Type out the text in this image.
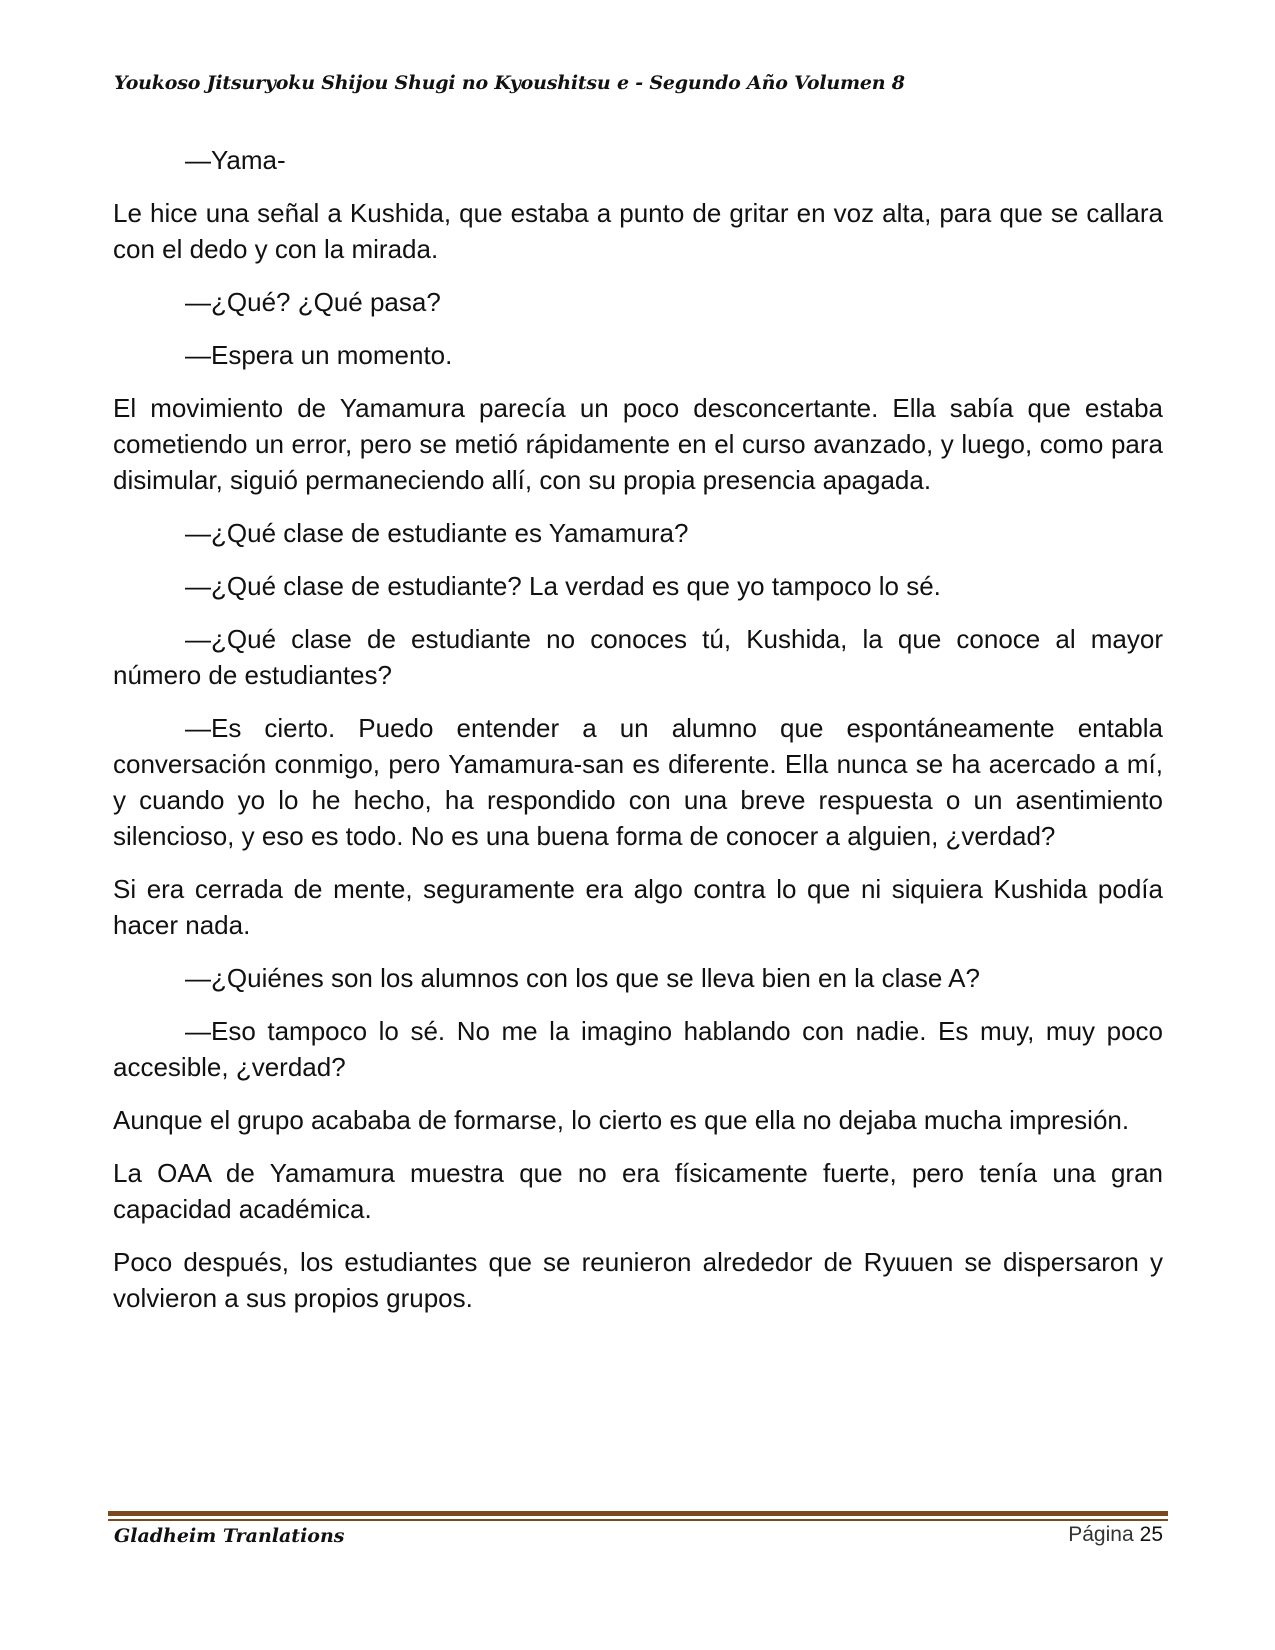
Youkoso Jitsuryoku Shijou Shugi no Kyoushitsu e - Segundo Año Volumen 8

—Yama-

Le hice una señal a Kushida, que estaba a punto de gritar en voz alta, para que se callara con el dedo y con la mirada.

—¿Qué? ¿Qué pasa?

—Espera un momento.

El movimiento de Yamamura parecía un poco desconcertante. Ella sabía que estaba cometiendo un error, pero se metió rápidamente en el curso avanzado, y luego, como para disimular, siguió permaneciendo allí, con su propia presencia apagada.

—¿Qué clase de estudiante es Yamamura?

—¿Qué clase de estudiante? La verdad es que yo tampoco lo sé.

—¿Qué clase de estudiante no conoces tú, Kushida, la que conoce al mayor número de estudiantes?

—Es cierto. Puedo entender a un alumno que espontáneamente entabla conversación conmigo, pero Yamamura-san es diferente. Ella nunca se ha acercado a mí, y cuando yo lo he hecho, ha respondido con una breve respuesta o un asentimiento silencioso, y eso es todo. No es una buena forma de conocer a alguien, ¿verdad?

Si era cerrada de mente, seguramente era algo contra lo que ni siquiera Kushida podía hacer nada.

—¿Quiénes son los alumnos con los que se lleva bien en la clase A?

—Eso tampoco lo sé. No me la imagino hablando con nadie. Es muy, muy poco accesible, ¿verdad?

Aunque el grupo acababa de formarse, lo cierto es que ella no dejaba mucha impresión.

La OAA de Yamamura muestra que no era físicamente fuerte, pero tenía una gran capacidad académica.

Poco después, los estudiantes que se reunieron alrededor de Ryuuen se dispersaron y volvieron a sus propios grupos.

Gladheim Tranlations	Página 25
